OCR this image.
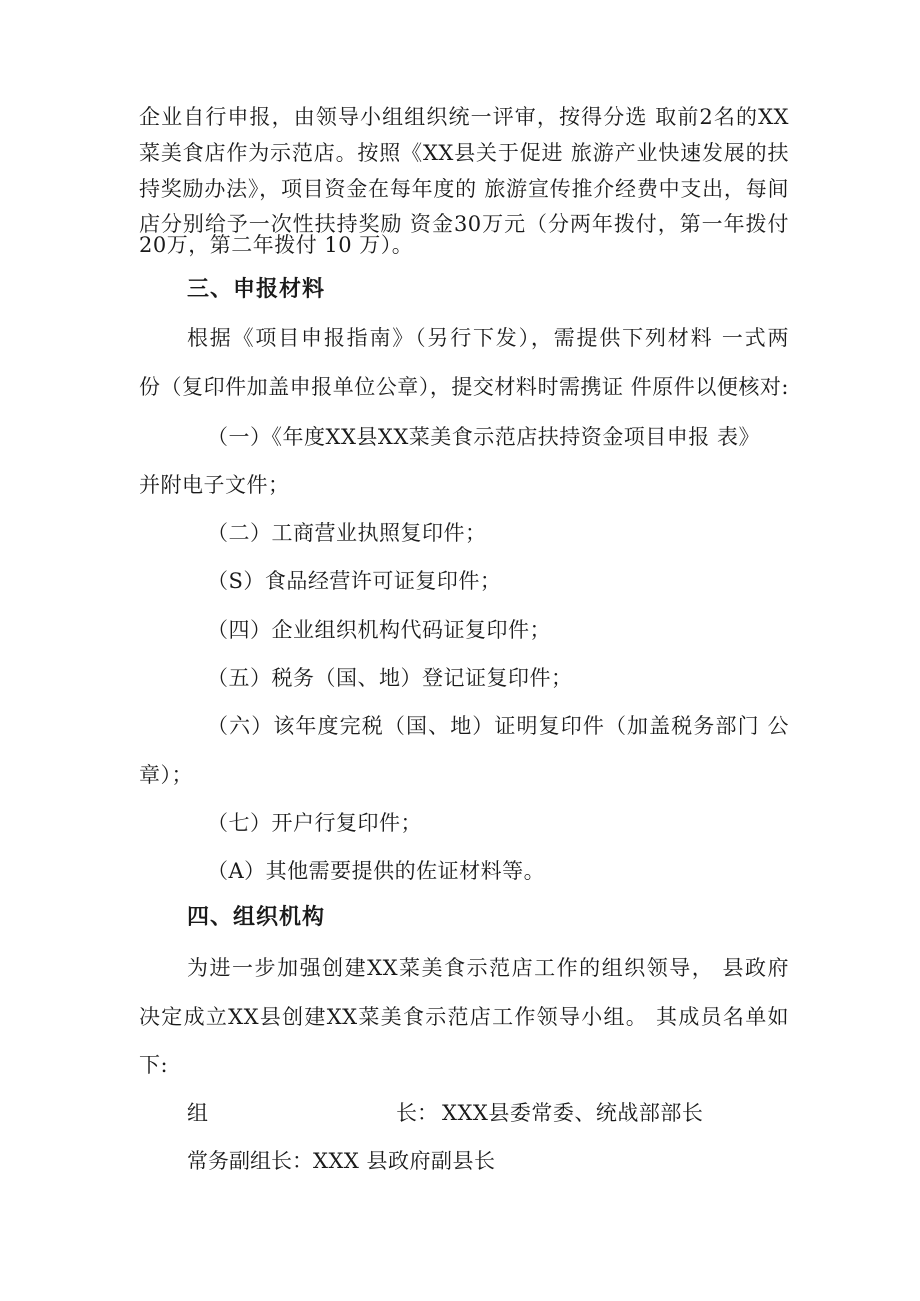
企业自行申报，由领导小组组织统一评审，按得分选 取前2名的XX
菜美食店作为示范店。按照《XX县关于促进 旅游产业快速发展的扶
持奖励办法》，项目资金在每年度的 旅游宣传推介经费中支出，每间
店分别给予一次性扶持奖励 资金30万元（分两年拨付，第一年拨付
20万，第二年拨付 10 万）。
三、申报材料
根据《项目申报指南》（另行下发），需提供下列材料 一式两
份（复印件加盖申报单位公章），提交材料时需携证 件原件以便核对:
（一）《年度XX县XX菜美食示范店扶持资金项目申报 表》
并附电子文件；
（二）工商营业执照复印件；
（S）食品经营许可证复印件；
（四）企业组织机构代码证复印件；
（五）税务（国、地）登记证复印件；
（六）该年度完税（国、地）证明复印件（加盖税务部门 公
章）；
（七）开户行复印件；
（A）其他需要提供的佐证材料等。
四、组织机构
为进一步加强创建XX菜美食示范店工作的组织领导， 县政府
决定成立XX县创建XX菜美食示范店工作领导小组。 其成员名单如
下:
组	长： XXX县委常委、统战部部长
常务副组长： XXX 县政府副县长
